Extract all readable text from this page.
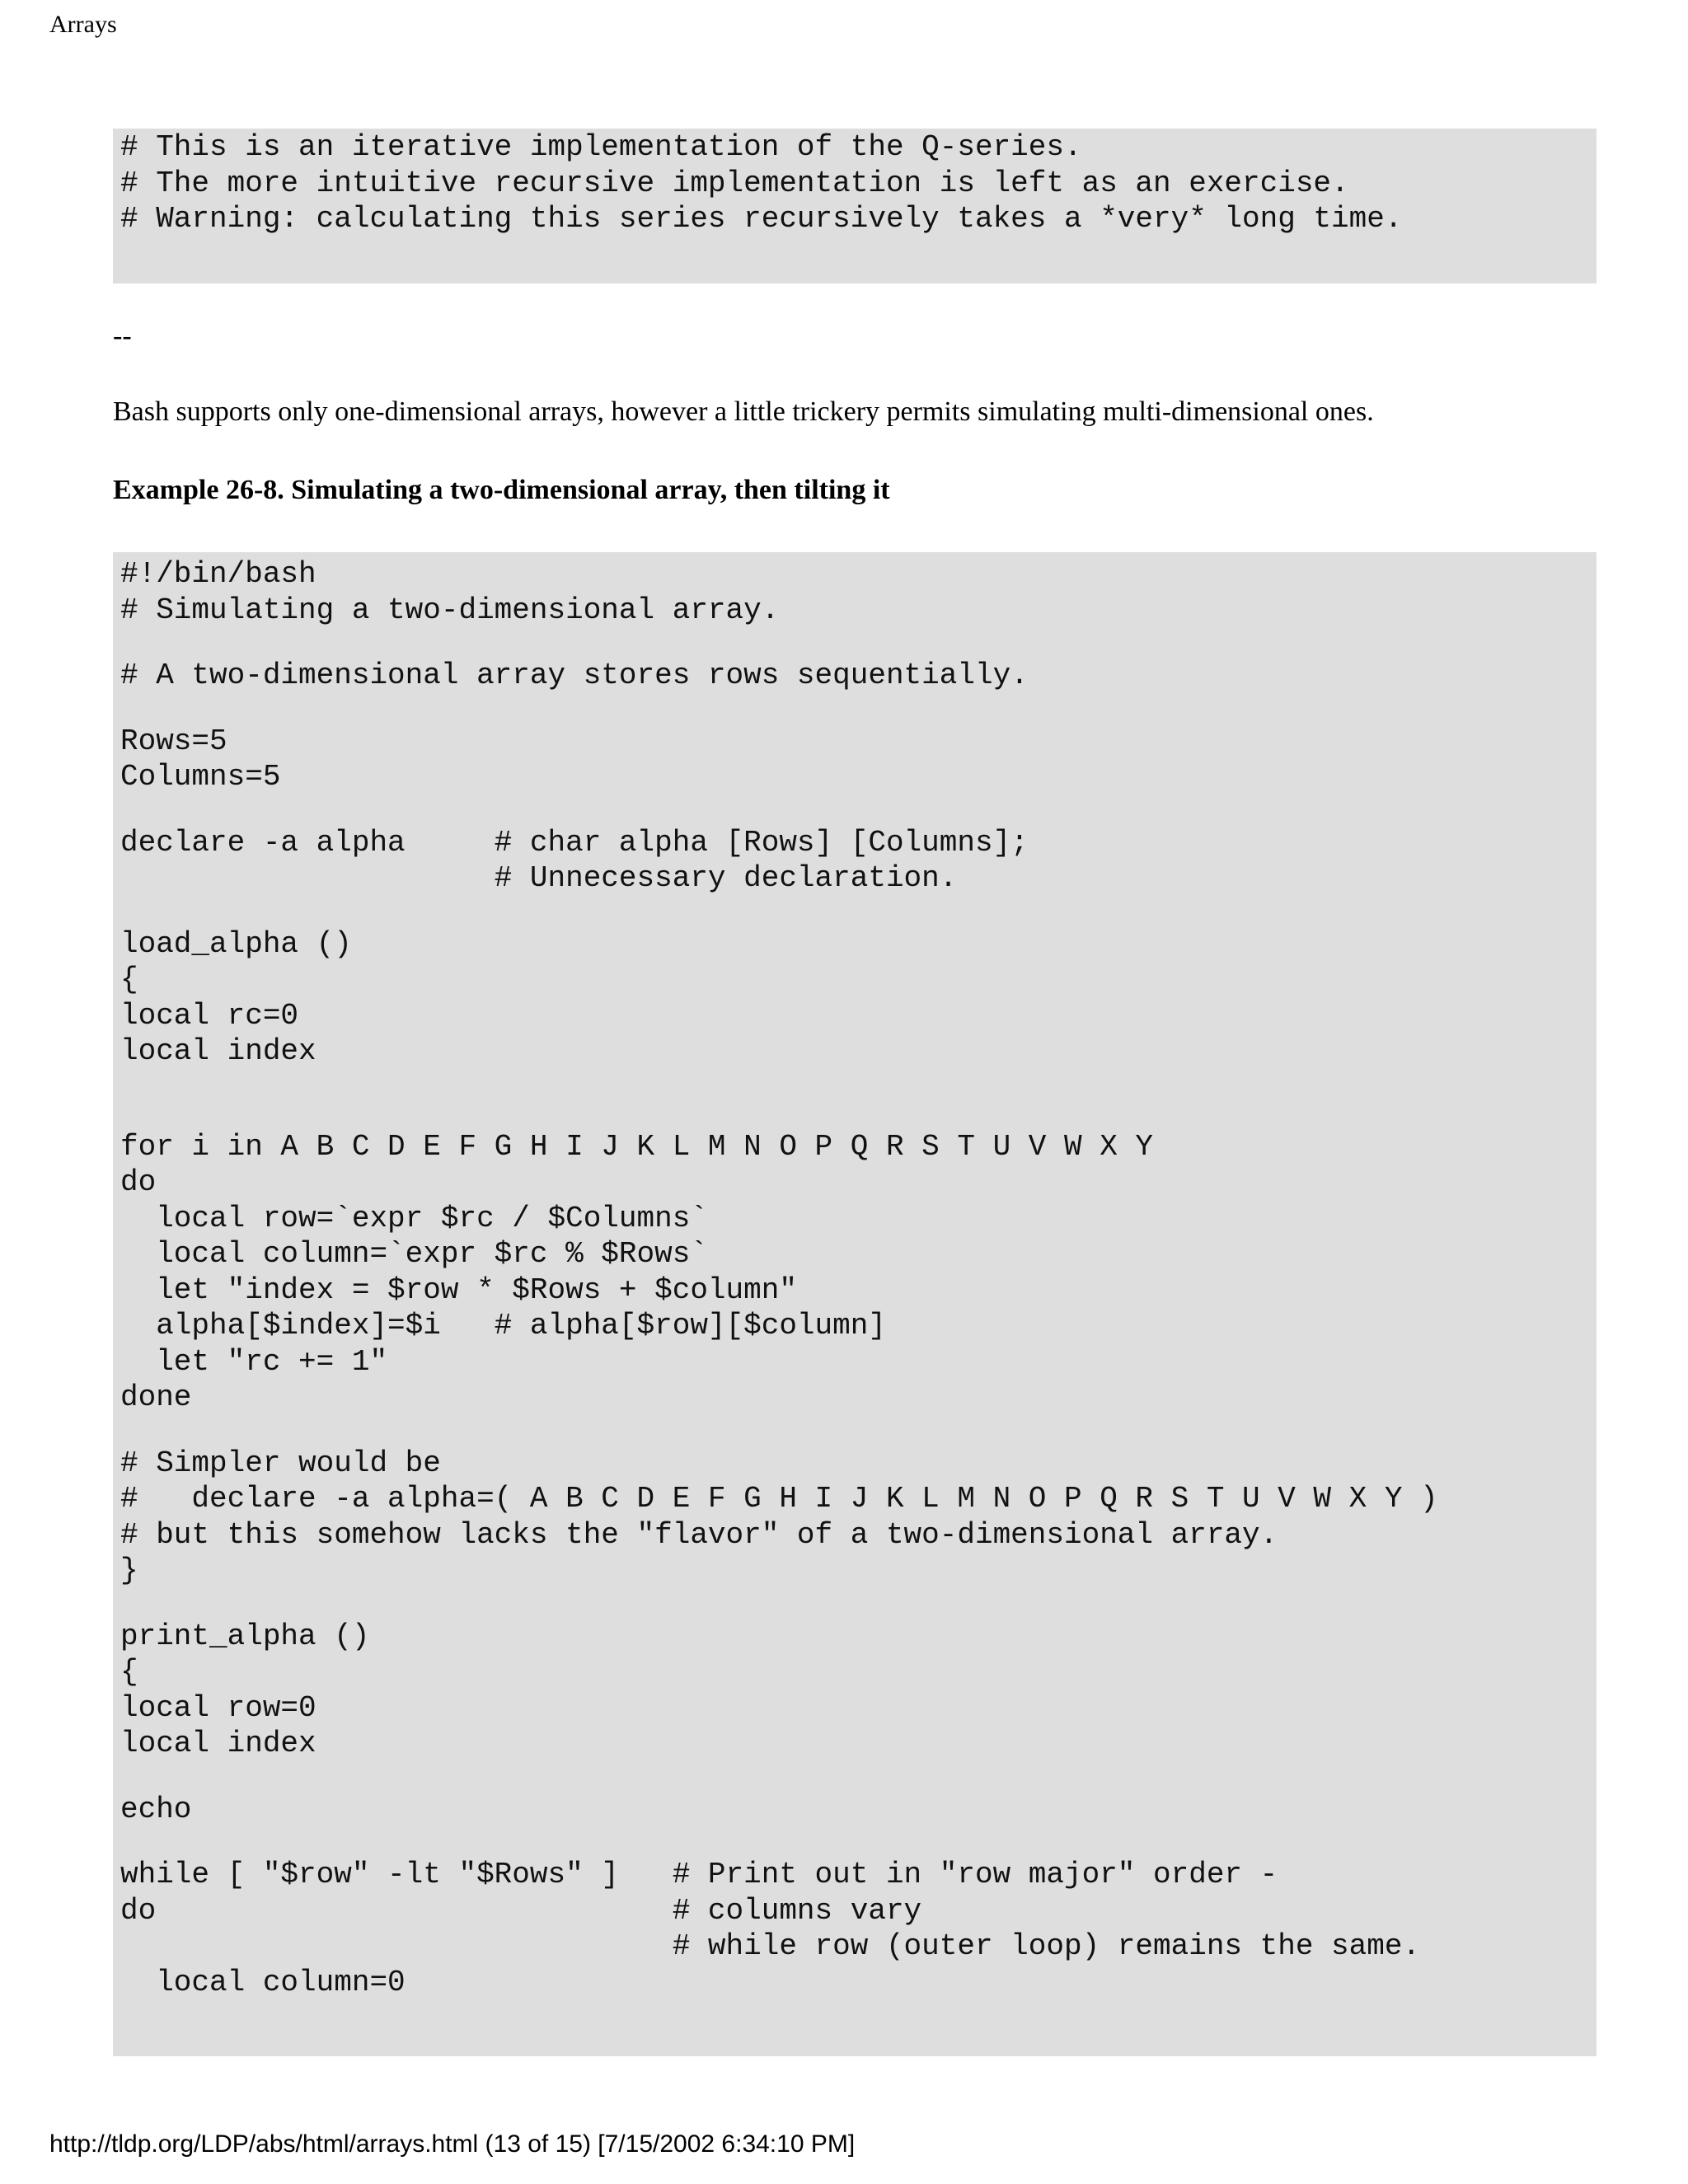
Arrays
# This is an iterative implementation of the Q-series.
# The more intuitive recursive implementation is left as an exercise.
# Warning: calculating this series recursively takes a *very* long time.
--
Bash supports only one-dimensional arrays, however a little trickery permits simulating multi-dimensional ones.
Example 26-8. Simulating a two-dimensional array, then tilting it
#!/bin/bash
# Simulating a two-dimensional array.

# A two-dimensional array stores rows sequentially.

Rows=5
Columns=5

declare -a alpha     # char alpha [Rows] [Columns];
# Unnecessary declaration.

load_alpha ()
{
local rc=0
local index

for i in A B C D E F G H I J K L M N O P Q R S T U V W X Y
do
local row=`expr $rc / $Columns`
local column=`expr $rc % $Rows`
let "index = $row * $Rows + $column"
alpha[$index]=$i   # alpha[$row][$column]
let "rc += 1"
done

# Simpler would be
#   declare -a alpha=( A B C D E F G H I J K L M N O P Q R S T U V W X Y )
# but this somehow lacks the "flavor" of a two-dimensional array.
}

print_alpha ()
{
local row=0
local index

echo

while [ "$row" -lt "$Rows" ]   # Print out in "row major" order -
do                             # columns vary
# while row (outer loop) remains the same.
local column=0
http://tldp.org/LDP/abs/html/arrays.html (13 of 15) [7/15/2002 6:34:10 PM]
